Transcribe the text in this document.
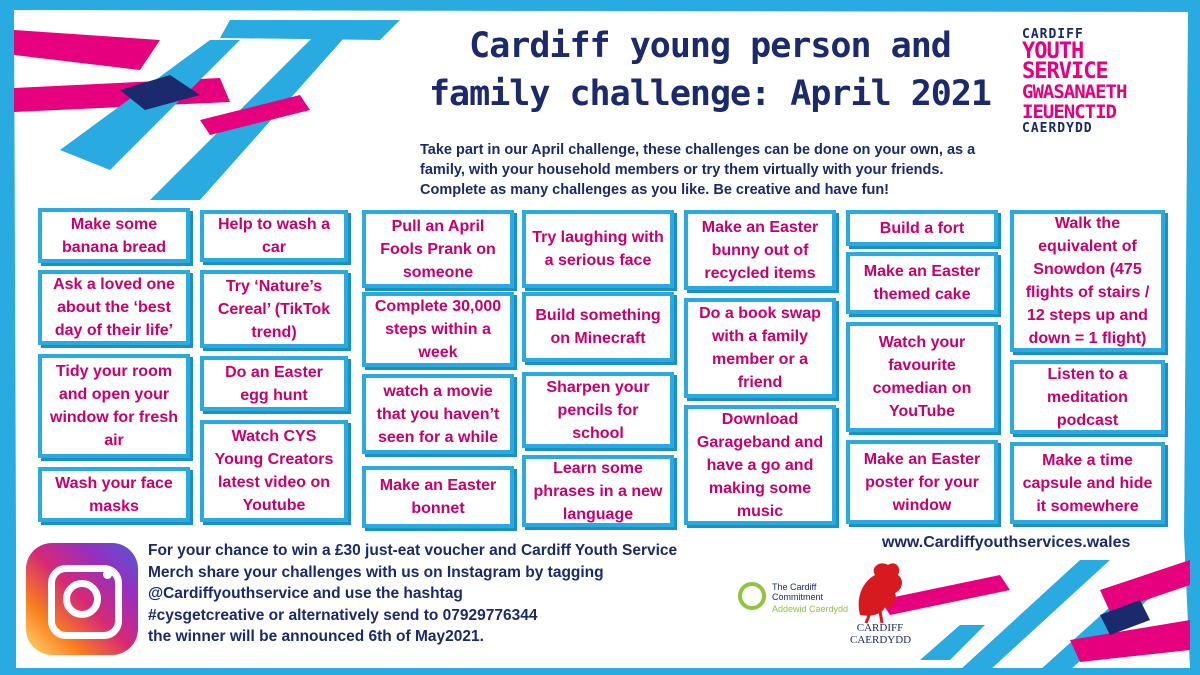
Cardiff young person and
family challenge: April 2021
CARDIFF
YOUTH
SERVICE
GWASANAETH
IEUENCTID
CAERDYDD
Take part in our April challenge, these challenges can be done on your own, as a family, with your household members or try them virtually with your friends. Complete as many challenges as you like. Be creative and have fun!
Make some banana bread
Ask a loved one about the ‘best day of their life’
Tidy your room and open your window for fresh air
Wash your face masks
Help to wash a car
Try ‘Nature’s Cereal’ (TikTok trend)
Do an Easter egg hunt
Watch CYS Young Creators latest video on Youtube
Pull an April Fools Prank on someone
Complete 30,000 steps within a week
watch a movie that you haven’t seen for a while
Make an Easter bonnet
Try laughing with a serious face
Build something on Minecraft
Sharpen your pencils for school
Learn some phrases in a new language
Make an Easter bunny out of recycled items
Do a book swap with a family member or a friend
Download Garageband and have a go and making some music
Build a fort
Make an Easter themed cake
Watch your favourite comedian on YouTube
Make an Easter poster for your window
Walk the equivalent of Snowdon (475 flights of stairs / 12 steps up and down = 1 flight)
Listen to a meditation podcast
Make a time capsule and hide it somewhere
For your chance to win a £30 just-eat voucher and Cardiff Youth Service
Merch share your challenges with us on Instagram by tagging
@Cardiffyouthservice and use the hashtag
#cysgetcreative or alternatively send to 07929776344
the winner will be announced 6th of May2021.
www.Cardiffyouthservices.wales
The Cardiff Commitment
Addewid Caerdydd
CARDIFF
CAERDYDD
